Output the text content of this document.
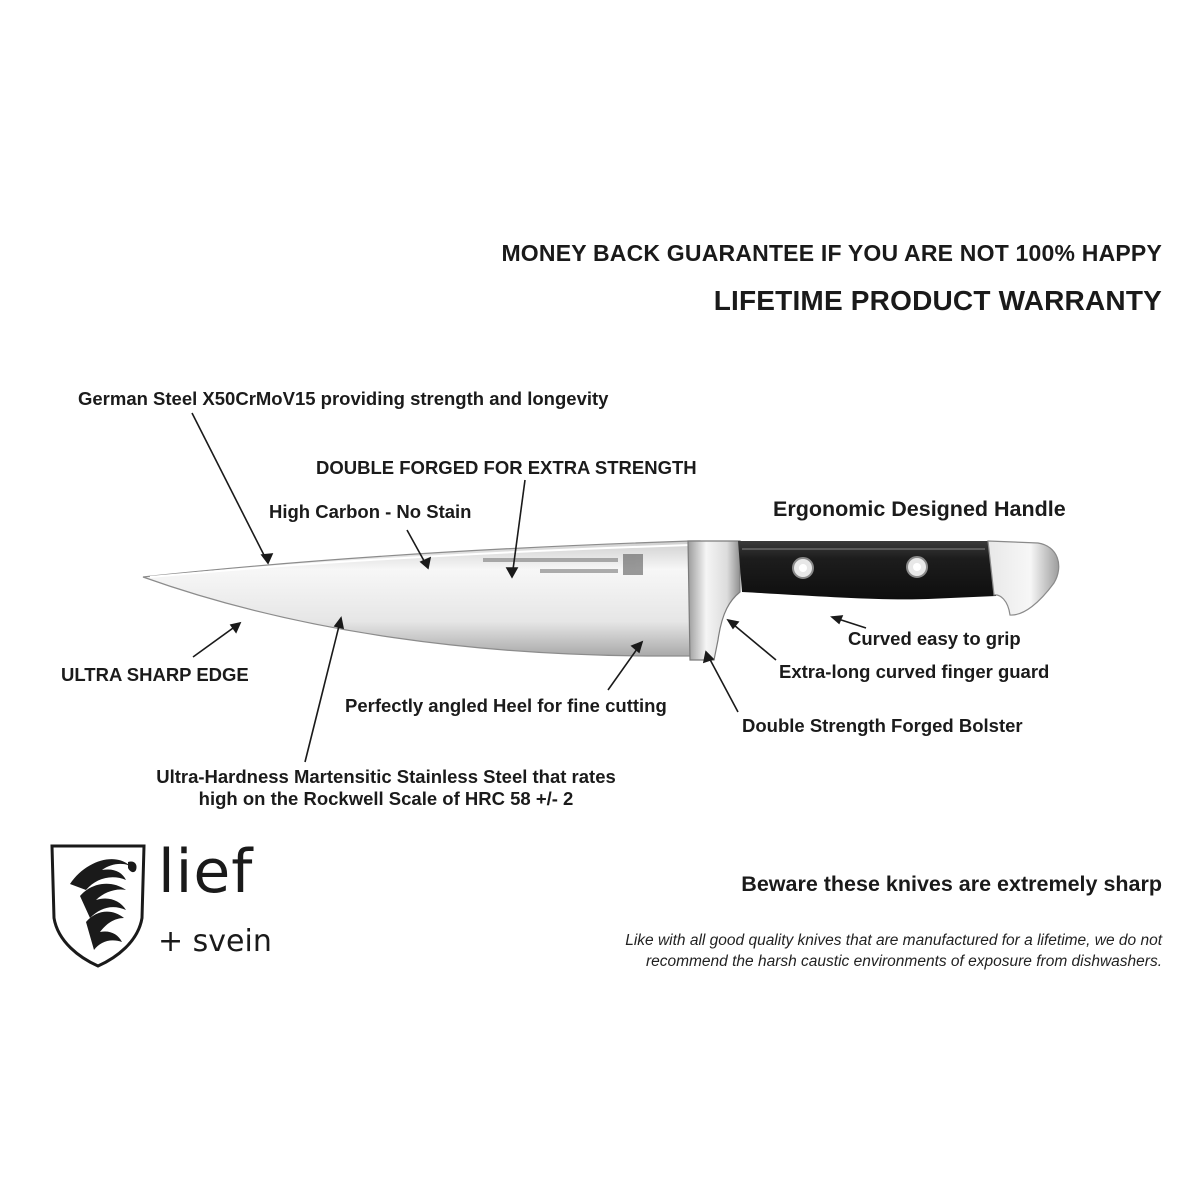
MONEY BACK GUARANTEE IF YOU ARE NOT 100% HAPPY
LIFETIME PRODUCT WARRANTY
German Steel X50CrMoV15 providing strength and longevity
DOUBLE FORGED FOR EXTRA STRENGTH
High Carbon - No Stain	Ergonomic Designed Handle
ULTRA SHARP EDGE
Curved easy to grip
Extra-long curved finger guard
Perfectly angled Heel for fine cutting
Double Strength Forged Bolster
Ultra-Hardness Martensitic Stainless Steel that rates
high on the Rockwell Scale of HRC 58 +/- 2
lief
+ svein
Beware these knives are extremely sharp
Like with all good quality knives that are manufactured for a lifetime, we do not
recommend the harsh caustic environments of exposure from dishwashers.
